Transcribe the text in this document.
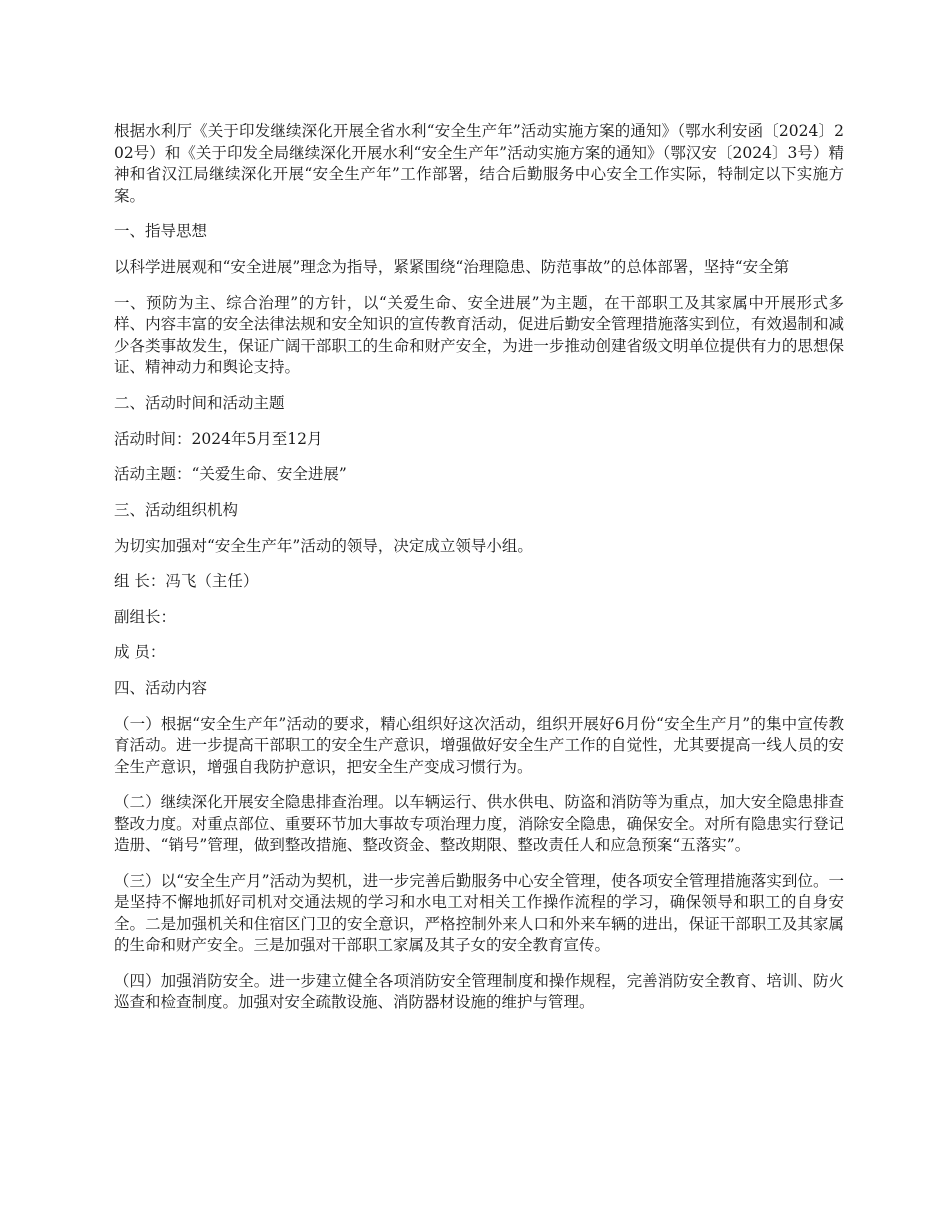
根据水利厅《关于印发继续深化开展全省水利“安全生产年”活动实施方案的通知》（鄂水利安函〔2024〕202号）和《关于印发全局继续深化开展水利“安全生产年”活动实施方案的通知》（鄂汉安〔2024〕3号）精神和省汉江局继续深化开展“安全生产年”工作部署，结合后勤服务中心安全工作实际，特制定以下实施方案。

一、指导思想

以科学进展观和“安全进展”理念为指导，紧紧围绕“治理隐患、防范事故”的总体部署，坚持“安全第

一、预防为主、综合治理”的方针，以“关爱生命、安全进展”为主题，在干部职工及其家属中开展形式多样、内容丰富的安全法律法规和安全知识的宣传教育活动，促进后勤安全管理措施落实到位，有效遏制和减少各类事故发生，保证广阔干部职工的生命和财产安全，为进一步推动创建省级文明单位提供有力的思想保证、精神动力和舆论支持。

二、活动时间和活动主题

活动时间：2024年5月至12月

活动主题：“关爱生命、安全进展”

三、活动组织机构

为切实加强对“安全生产年”活动的领导，决定成立领导小组。

组 长：冯飞（主任）

副组长：

成 员：

四、活动内容

（一）根据“安全生产年”活动的要求，精心组织好这次活动，组织开展好6月份“安全生产月”的集中宣传教育活动。进一步提高干部职工的安全生产意识，增强做好安全生产工作的自觉性，尤其要提高一线人员的安全生产意识，增强自我防护意识，把安全生产变成习惯行为。

（二）继续深化开展安全隐患排查治理。以车辆运行、供水供电、防盗和消防等为重点，加大安全隐患排查整改力度。对重点部位、重要环节加大事故专项治理力度，消除安全隐患，确保安全。对所有隐患实行登记造册、“销号”管理，做到整改措施、整改资金、整改期限、整改责任人和应急预案“五落实”。

（三）以“安全生产月”活动为契机，进一步完善后勤服务中心安全管理，使各项安全管理措施落实到位。一是坚持不懈地抓好司机对交通法规的学习和水电工对相关工作操作流程的学习，确保领导和职工的自身安全。二是加强机关和住宿区门卫的安全意识，严格控制外来人口和外来车辆的进出，保证干部职工及其家属的生命和财产安全。三是加强对干部职工家属及其子女的安全教育宣传。

（四）加强消防安全。进一步建立健全各项消防安全管理制度和操作规程，完善消防安全教育、培训、防火巡查和检查制度。加强对安全疏散设施、消防器材设施的维护与管理。
